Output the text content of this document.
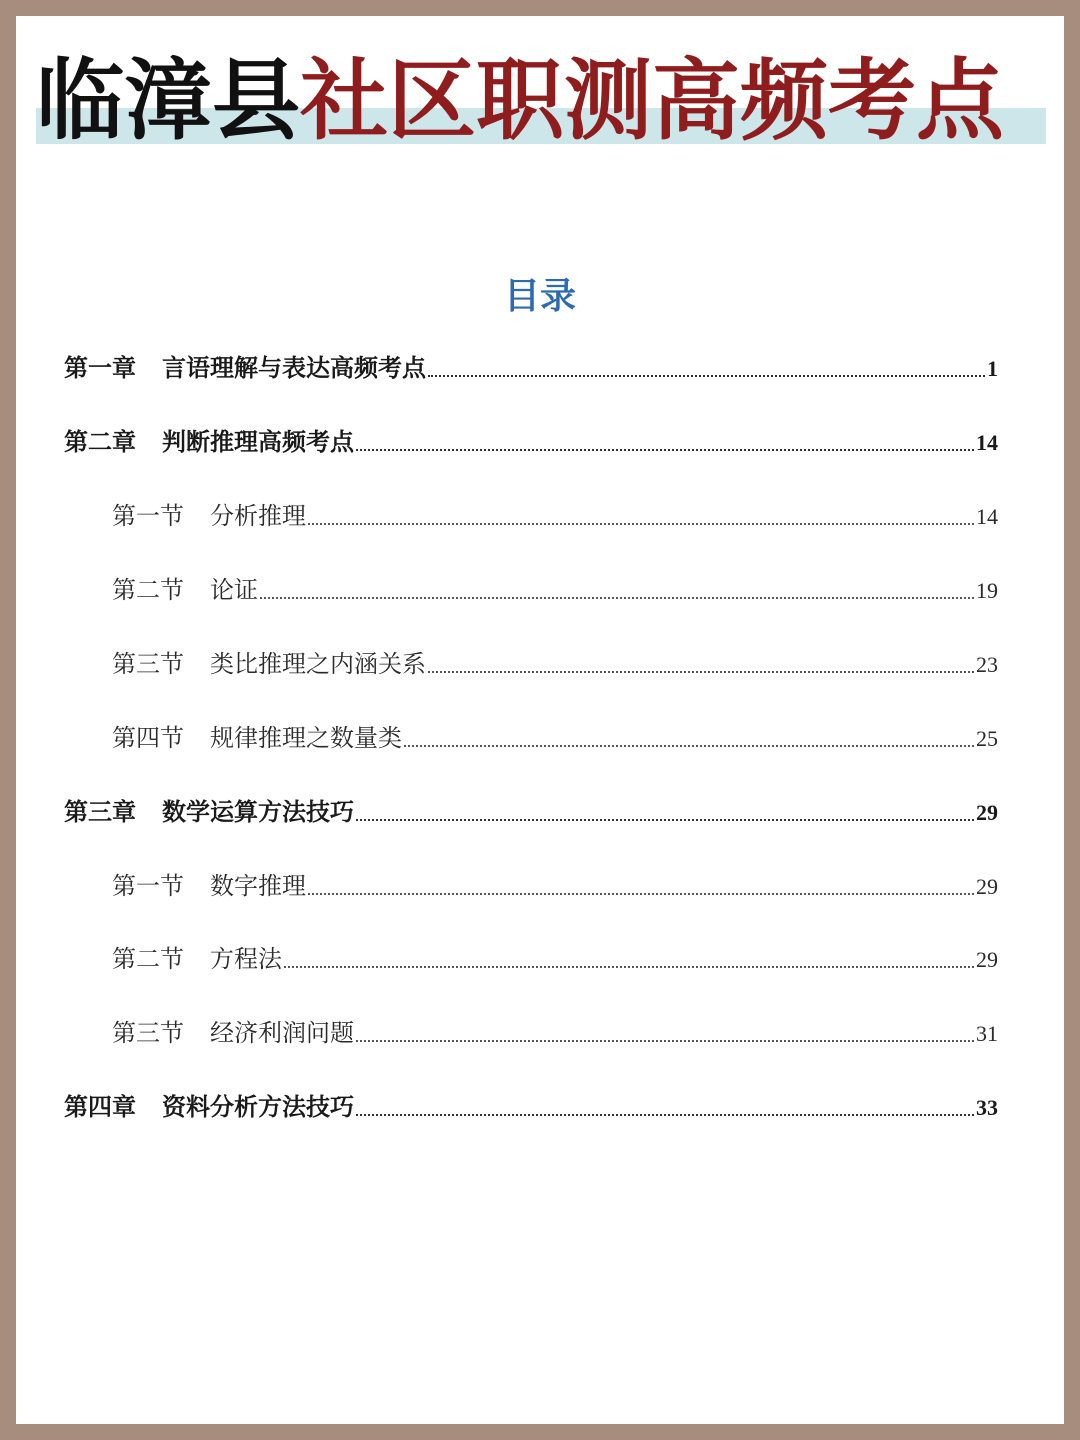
临漳县社区职测高频考点
目录
第一章 言语理解与表达高频考点	1
第二章 判断推理高频考点	14
第一节 分析推理	14
第二节 论证	19
第三节 类比推理之内涵关系	23
第四节 规律推理之数量类	25
第三章 数学运算方法技巧	29
第一节 数字推理	29
第二节 方程法	29
第三节 经济利润问题	31
第四章 资料分析方法技巧	33
